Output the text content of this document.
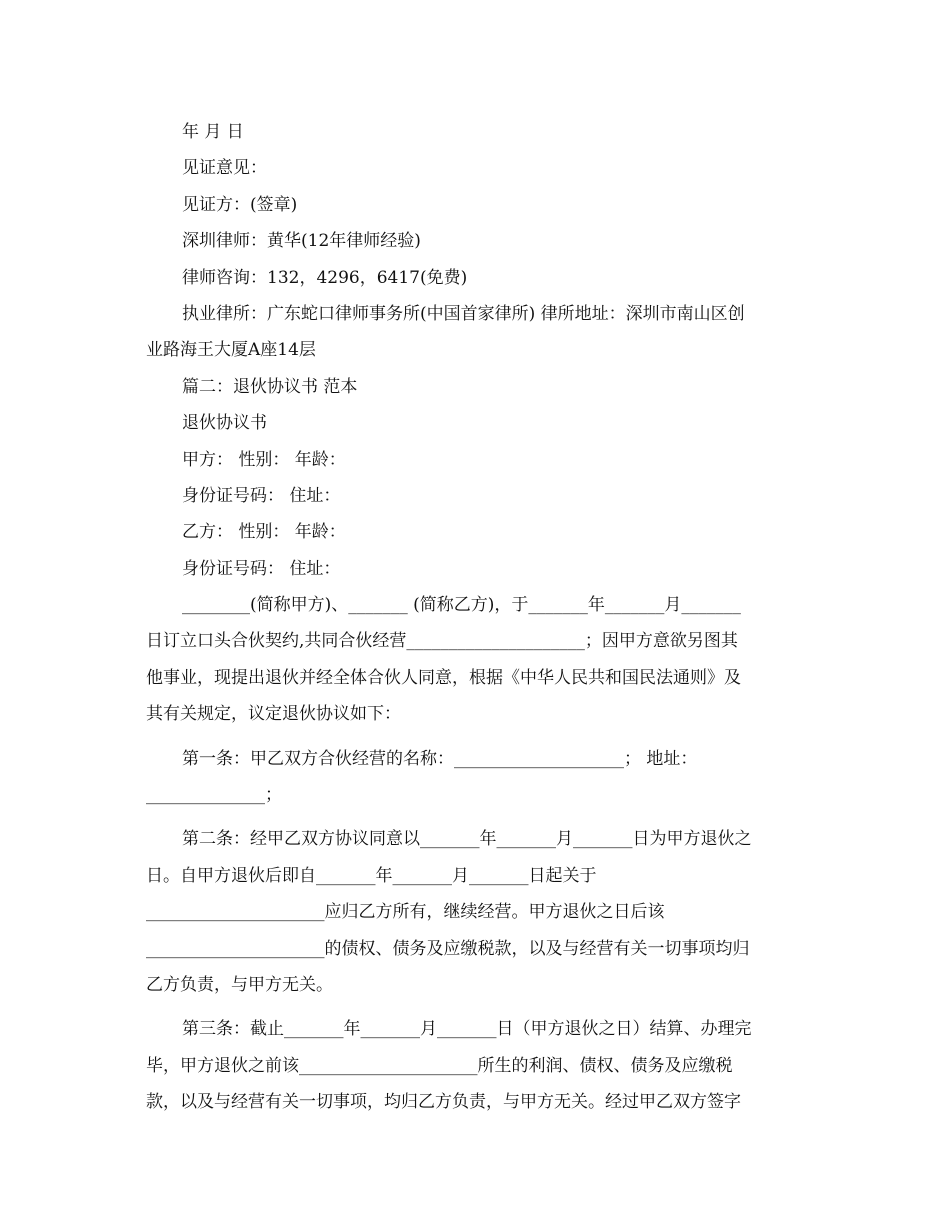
年 月 日
见证意见：
见证方：(签章)
深圳律师：黄华(12年律师经验)
律师咨询：132，4296，6417(免费)
执业律所：广东蛇口律师事务所(中国首家律所) 律所地址：深圳市南山区创
业路海王大厦A座14层
篇二：退伙协议书 范本
退伙协议书
甲方： 性别： 年龄：
身份证号码： 住址：
乙方： 性别： 年龄：
身份证号码： 住址：
________(简称甲方)、_______ (简称乙方)，于_______年_______月_______
日订立口头合伙契约,共同合伙经营_____________________；因甲方意欲另图其
他事业，现提出退伙并经全体合伙人同意，根据《中华人民共和国民法通则》及
其有关规定，议定退伙协议如下：
第一条：甲乙双方合伙经营的名称：____________________； 地址：
______________；
第二条：经甲乙双方协议同意以_______年_______月_______日为甲方退伙之
日。自甲方退伙后即自_______年_______月_______日起关于
_____________________应归乙方所有，继续经营。甲方退伙之日后该
_____________________的债权、债务及应缴税款，以及与经营有关一切事项均归
乙方负责，与甲方无关。
第三条：截止_______年_______月_______日（甲方退伙之日）结算、办理完
毕，甲方退伙之前该_____________________所生的利润、债权、债务及应缴税
款，以及与经营有关一切事项，均归乙方负责，与甲方无关。经过甲乙双方签字
